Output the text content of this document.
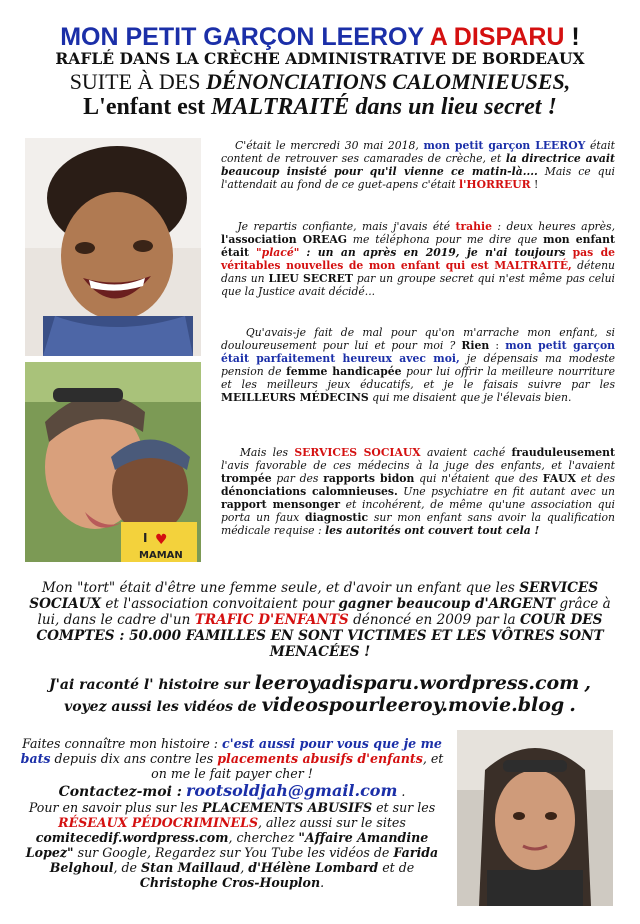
MON PETIT GARÇON LEEROY A DISPARU !
RAFLÉ DANS LA CRÈCHE ADMINISTRATIVE DE BORDEAUX
SUITE À DES DÉNONCIATIONS CALOMNIEUSES,
L'enfant est MALTRAITÉ dans un lieu secret !
I ♥
MAMAN

C'était le mercredi 30 mai 2018, mon petit garçon LEEROY était content de retrouver ses camarades de crèche, et la directrice avait beaucoup insisté pour qu'il vienne ce matin-là.... Mais ce qui l'attendait au fond de ce guet-apens c'était l'HORREUR !

Je repartis confiante, mais j'avais été trahie : deux heures après, l'association OREAG me téléphona pour me dire que mon enfant était "placé" : un an après en 2019, je n'ai toujours pas de véritables nouvelles de mon enfant qui est MALTRAITÉ, détenu dans un LIEU SECRET par un groupe secret qui n'est même pas celui que la Justice avait décidé...

Qu'avais-je fait de mal pour qu'on m'arrache mon enfant, si douloureusement pour lui et pour moi ? Rien : mon petit garçon était parfaitement heureux avec moi, je dépensais ma modeste pension de femme handicapée pour lui offrir la meilleure nourriture et les meilleurs jeux éducatifs, et je le faisais suivre par les MEILLEURS MÉDECINS qui me disaient que je l'élevais bien.

Mais les SERVICES SOCIAUX avaient caché frauduleusement l'avis favorable de ces médecins à la juge des enfants, et l'avaient trompée par des rapports bidon qui n'étaient que des FAUX et des dénonciations calomnieuses. Une psychiatre en fit autant avec un rapport mensonger et incohérent, de même qu'une association qui porta un faux diagnostic sur mon enfant sans avoir la qualification médicale requise : les autorités ont couvert tout cela !

Mon "tort" était d'être une femme seule, et d'avoir un enfant que les SERVICES SOCIAUX et l'association convoitaient pour gagner beaucoup d'ARGENT grâce à lui, dans le cadre d'un TRAFIC D'ENFANTS dénoncé en 2009 par la COUR DES COMPTES : 50.000 FAMILLES EN SONT VICTIMES ET LES VÔTRES SONT MENACÉES !
J'ai raconté l' histoire sur leeroyadisparu.wordpress.com ,
voyez aussi les vidéos de videospourleeroy.movie.blog .
Faites connaître mon histoire : c'est aussi pour vous que je me bats depuis dix ans contre les placements abusifs d'enfants, et on me le fait payer cher !
Contactez-moi : rootsoldjah@gmail.com .
Pour en savoir plus sur les PLACEMENTS ABUSIFS et sur les RÉSEAUX PÉDOCRIMINELS, allez aussi sur le sites comitecedif.wordpress.com, cherchez "Affaire Amandine Lopez" sur Google, Regardez sur You Tube les vidéos de Farida Belghoul, de Stan Maillaud, d'Hélène Lombard et de Christophe Cros-Houplon.
